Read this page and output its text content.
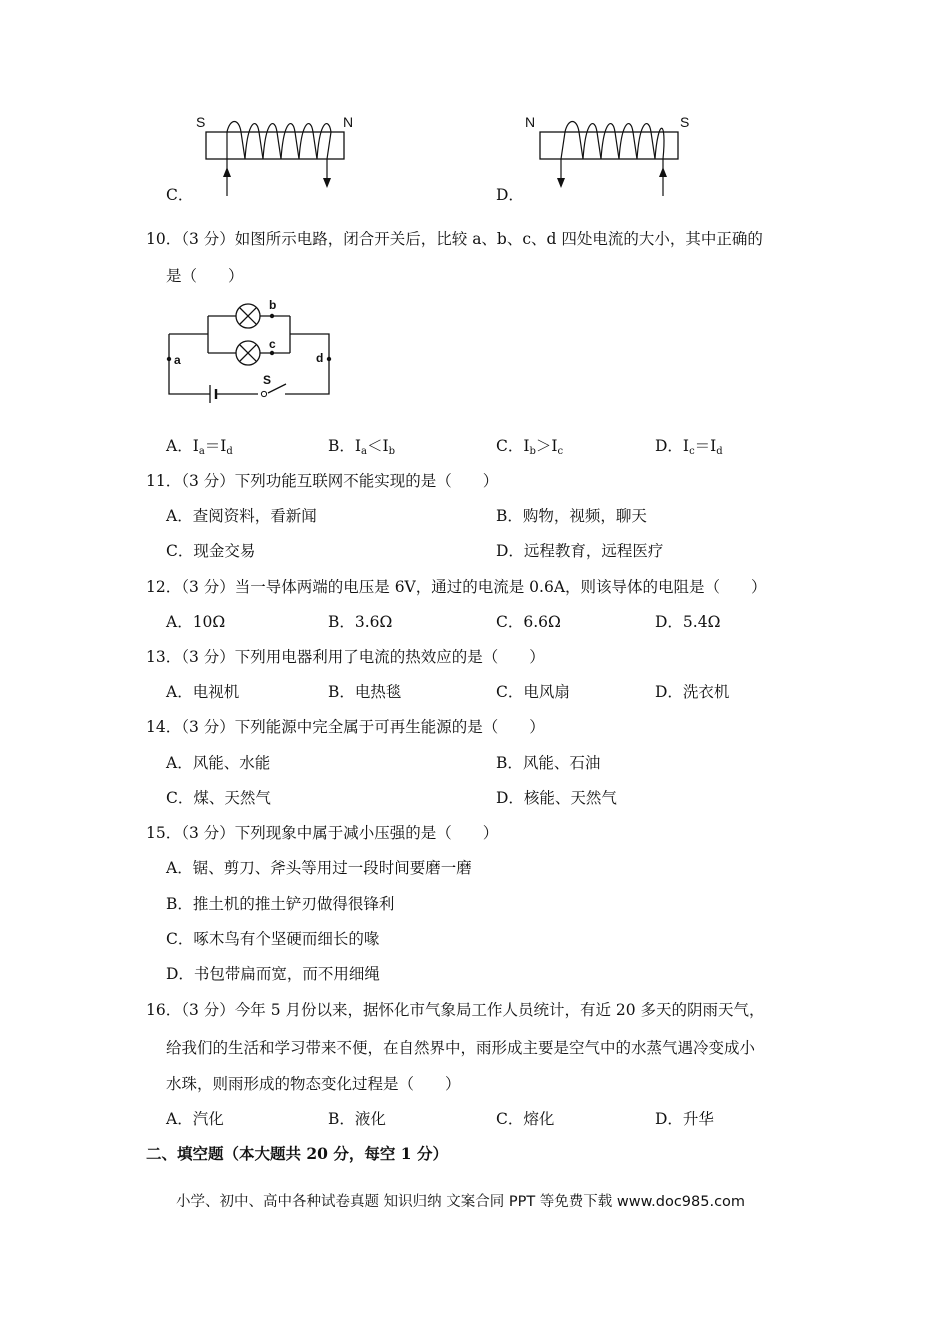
S	N
C．
N	S
D．
10．（3 分）如图所示电路，闭合开关后，比较 a、b、c、d 四处电流的大小，其中正确的
是（　　）
a	d
b
c
S
A．$I_a=I_d$	B．$I_a<I_b$	C．$I_b>I_c$	D．$I_c=I_d$
11．（3 分）下列功能互联网不能实现的是（　　）
A．查阅资料，看新闻	B．购物，视频，聊天
C．现金交易	D．远程教育，远程医疗
12．（3 分）当一导体两端的电压是 6V，通过的电流是 0.6A，则该导体的电阻是（　　）
A．10Ω	B．3.6Ω	C．6.6Ω	D．5.4Ω
13．（3 分）下列用电器利用了电流的热效应的是（　　）
A．电视机	B．电热毯	C．电风扇	D．洗衣机
14．（3 分）下列能源中完全属于可再生能源的是（　　）
A．风能、水能	B．风能、石油
C．煤、天然气	D．核能、天然气
15．（3 分）下列现象中属于减小压强的是（　　）
A．锯、剪刀、斧头等用过一段时间要磨一磨
B．推土机的推土铲刃做得很锋利
C．啄木鸟有个坚硬而细长的喙
D．书包带扁而宽，而不用细绳
16．（3 分）今年 5 月份以来，据怀化市气象局工作人员统计，有近 20 多天的阴雨天气，
给我们的生活和学习带来不便，在自然界中，雨形成主要是空气中的水蒸气遇冷变成小
水珠，则雨形成的物态变化过程是（　　）
A．汽化	B．液化	C．熔化	D．升华
二、填空题（本大题共 20 分，每空 1 分）
小学、初中、高中各种试卷真题 知识归纳 文案合同 PPT 等免费下载 www.doc985.com
